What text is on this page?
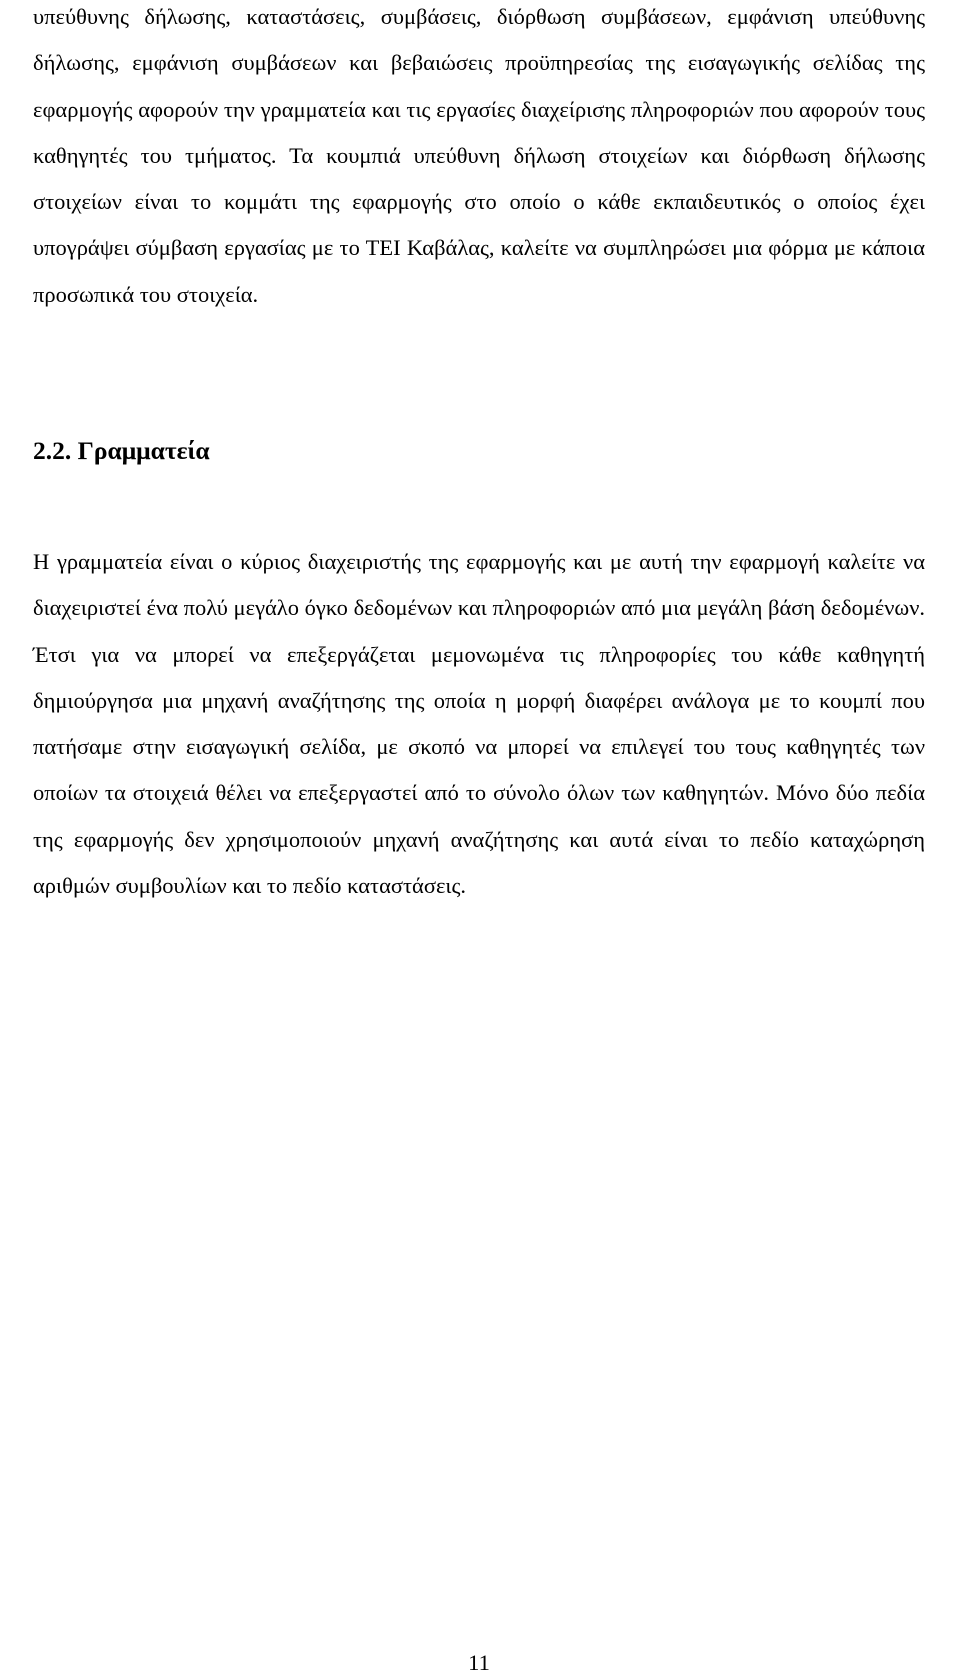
υπεύθυνης δήλωσης, καταστάσεις, συμβάσεις, διόρθωση συμβάσεων, εμφάνιση υπεύθυνης δήλωσης, εμφάνιση συμβάσεων και βεβαιώσεις προϋπηρεσίας της εισαγωγικής σελίδας της εφαρμογής αφορούν την γραμματεία και τις εργασίες διαχείρισης πληροφοριών που αφορούν τους καθηγητές του τμήματος. Τα κουμπιά υπεύθυνη δήλωση στοιχείων και διόρθωση δήλωσης στοιχείων είναι το κομμάτι της εφαρμογής στο οποίο ο κάθε εκπαιδευτικός ο οποίος έχει υπογράψει σύμβαση εργασίας με το ΤΕΙ Καβάλας, καλείτε να συμπληρώσει μια φόρμα με κάποια προσωπικά του στοιχεία.

2.2. Γραμματεία

Η γραμματεία είναι ο κύριος διαχειριστής της εφαρμογής και με αυτή την εφαρμογή καλείτε να διαχειριστεί ένα πολύ μεγάλο όγκο δεδομένων και πληροφοριών από μια μεγάλη βάση δεδομένων. Έτσι για να μπορεί να επεξεργάζεται μεμονωμένα τις πληροφορίες του κάθε καθηγητή δημιούργησα μια μηχανή αναζήτησης της οποία η μορφή διαφέρει ανάλογα με το κουμπί που πατήσαμε στην εισαγωγική σελίδα, με σκοπό να μπορεί να επιλεγεί του τους καθηγητές των οποίων τα στοιχειά θέλει να επεξεργαστεί από το σύνολο όλων των καθηγητών. Μόνο δύο πεδία της εφαρμογής δεν χρησιμοποιούν μηχανή αναζήτησης και αυτά είναι το πεδίο καταχώρηση αριθμών συμβουλίων και το πεδίο καταστάσεις.

11
